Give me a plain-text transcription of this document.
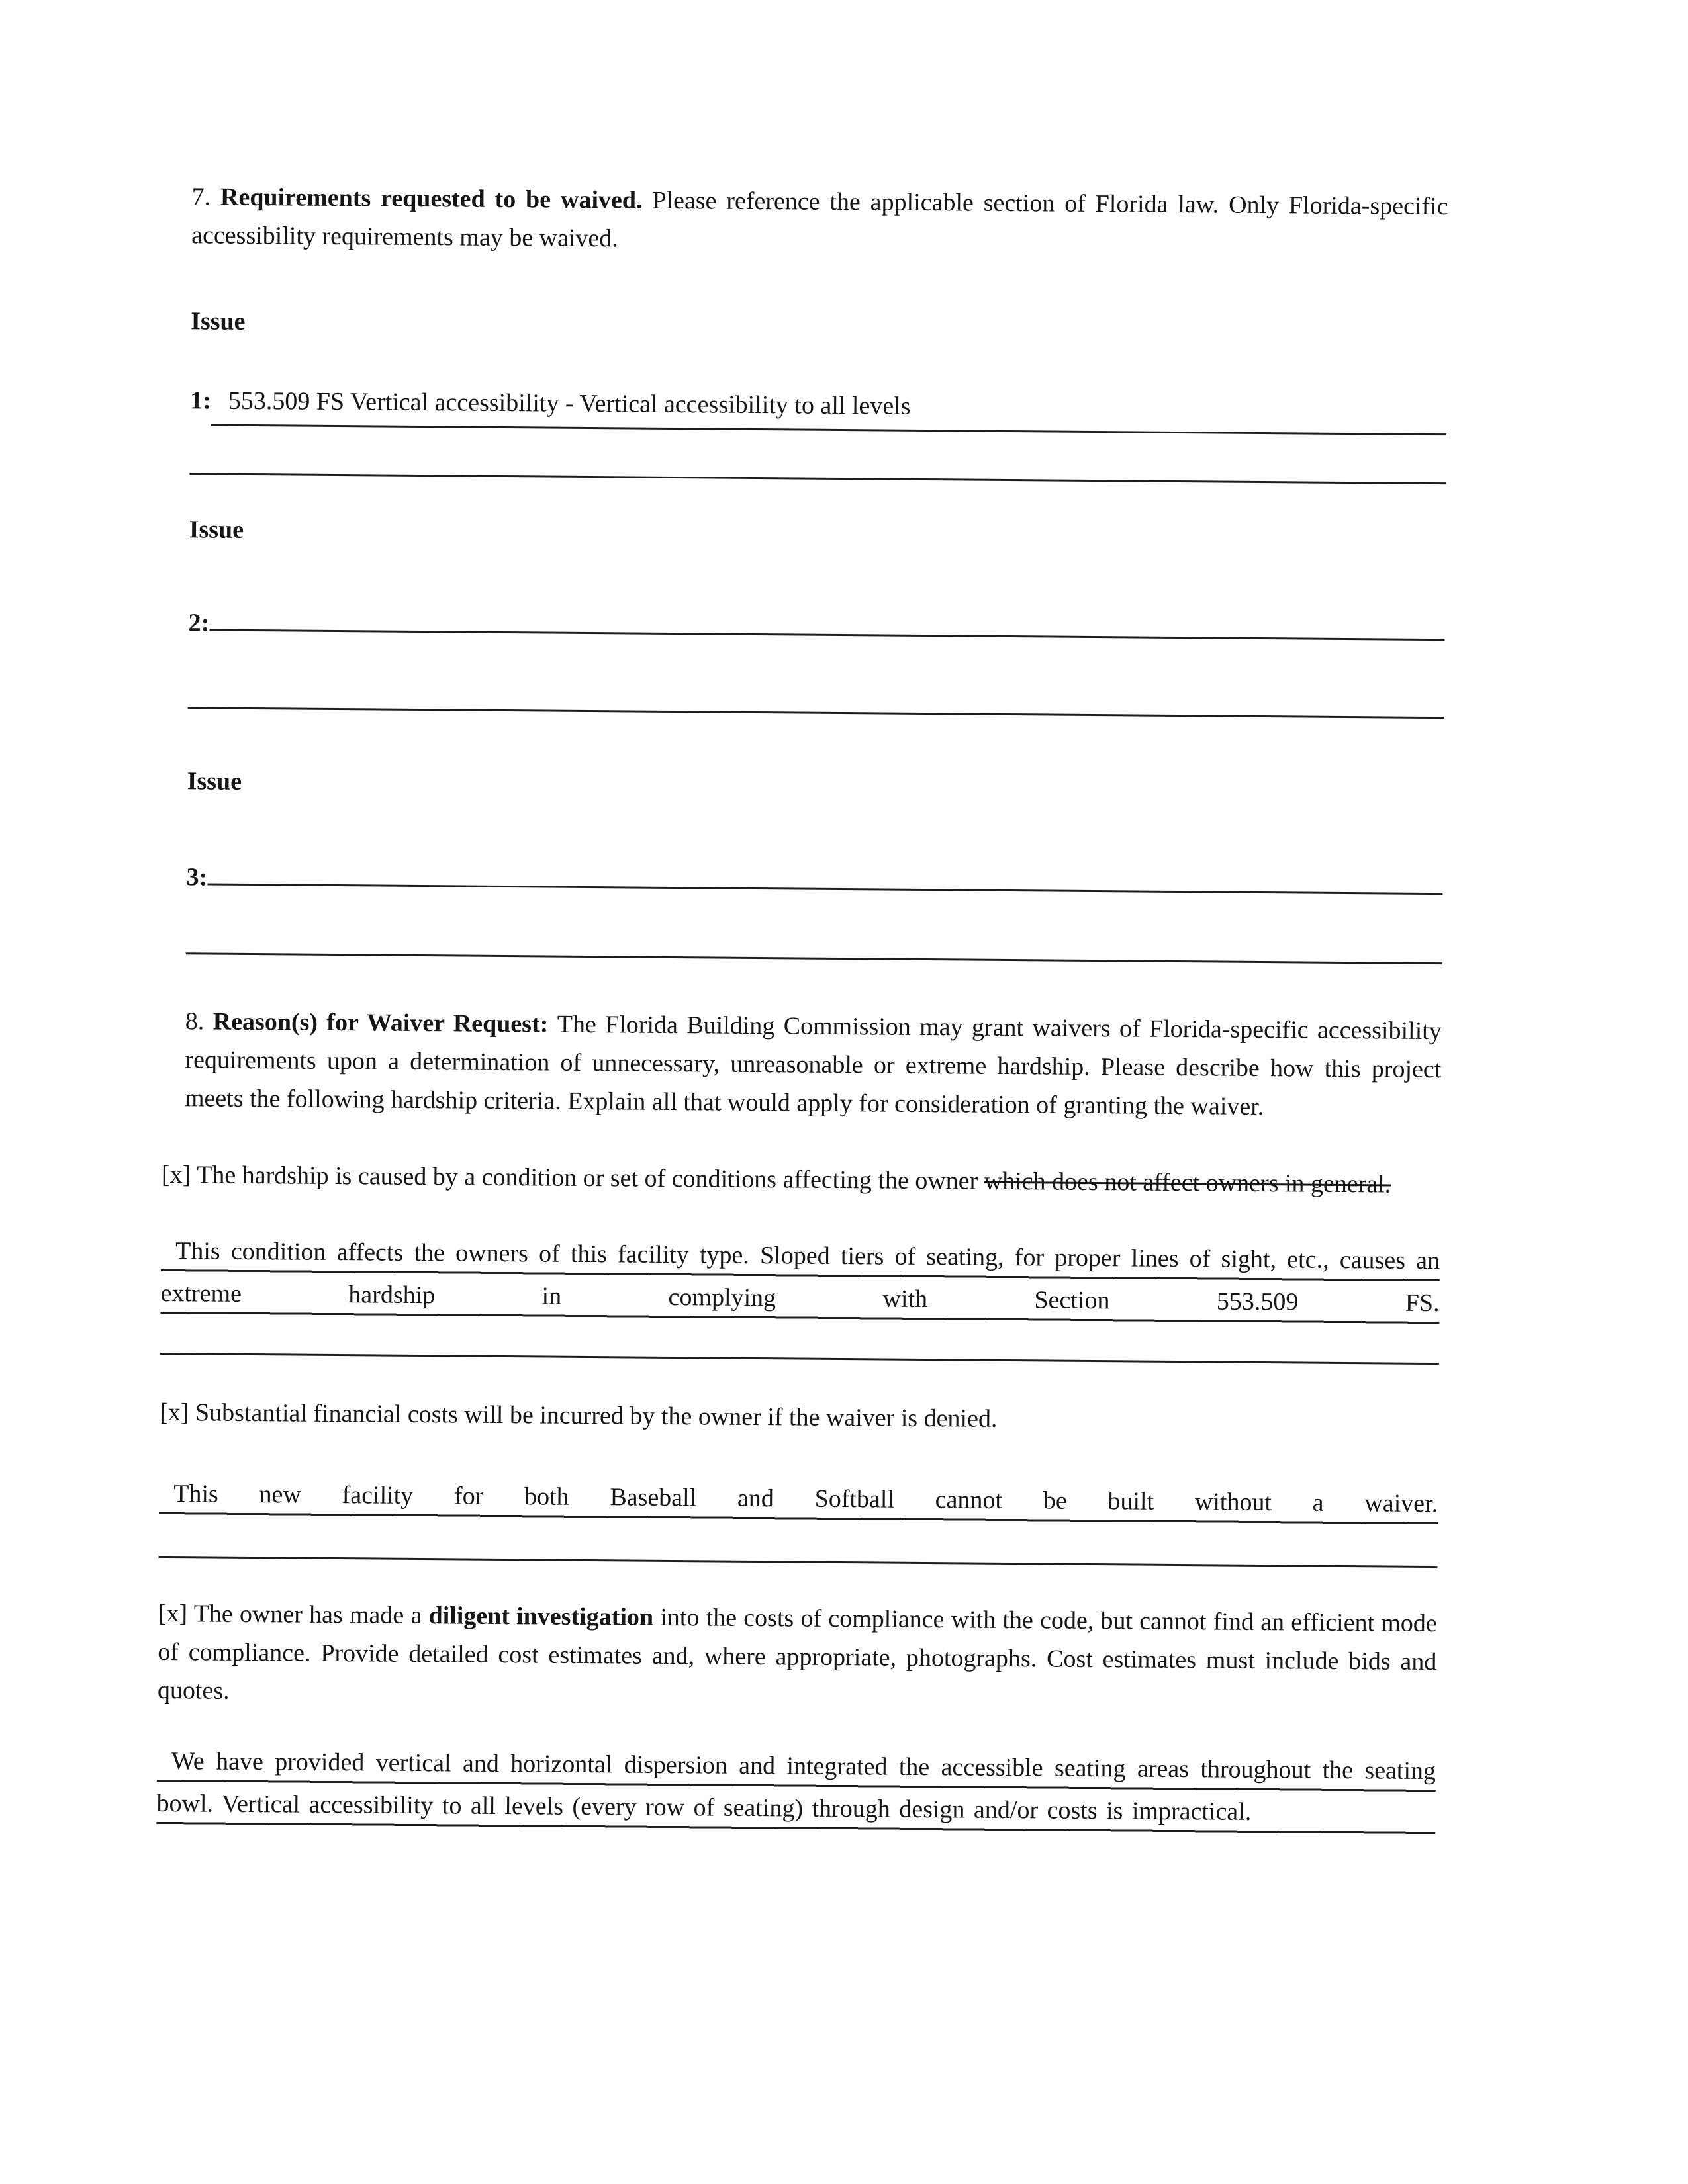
7. Requirements requested to be waived. Please reference the applicable section of Florida law. Only Florida-specific accessibility requirements may be waived.

Issue
1: 553.509 FS Vertical accessibility - Vertical accessibility to all levels
Issue
2:
Issue
3:

8. Reason(s) for Waiver Request: The Florida Building Commission may grant waivers of Florida-specific accessibility requirements upon a determination of unnecessary, unreasonable or extreme hardship. Please describe how this project meets the following hardship criteria. Explain all that would apply for consideration of granting the waiver.

[x] The hardship is caused by a condition or set of conditions affecting the owner which does not affect owners in general.

This condition affects the owners of this facility type. Sloped tiers of seating, for proper lines of sight, etc., causes an extreme hardship in complying with Section 553.509 FS.

[x] Substantial financial costs will be incurred by the owner if the waiver is denied.

This new facility for both Baseball and Softball cannot be built without a waiver.

[x] The owner has made a diligent investigation into the costs of compliance with the code, but cannot find an efficient mode of compliance. Provide detailed cost estimates and, where appropriate, photographs. Cost estimates must include bids and quotes.

We have provided vertical and horizontal dispersion and integrated the accessible seating areas throughout the seating bowl. Vertical accessibility to all levels (every row of seating) through design and/or costs is impractical.
